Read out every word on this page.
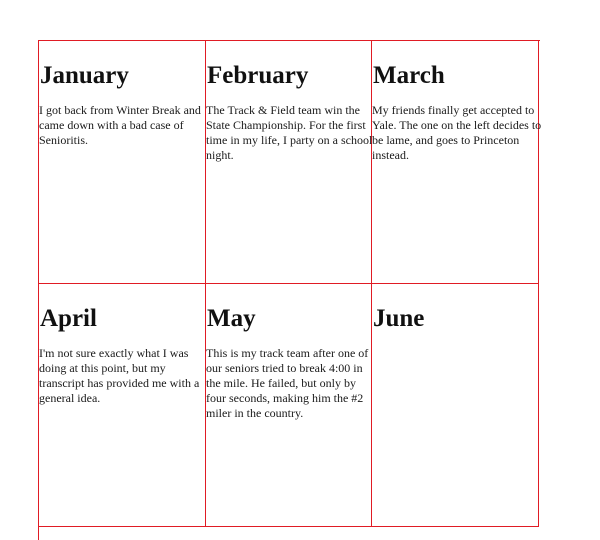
January
I got back from Winter Break and came down with a bad case of Senioritis.
February
The Track & Field team win the State Championship. For the first time in my life, I party on a school night.
March
My friends finally get accepted to Yale. The one on the left decides to be lame, and goes to Princeton instead.
April
I'm not sure exactly what I was doing at this point, but my transcript has provided me with a general idea.
May
This is my track team after one of our seniors tried to break 4:00 in the mile. He failed, but only by four seconds, making him the #2 miler in the country.
June
